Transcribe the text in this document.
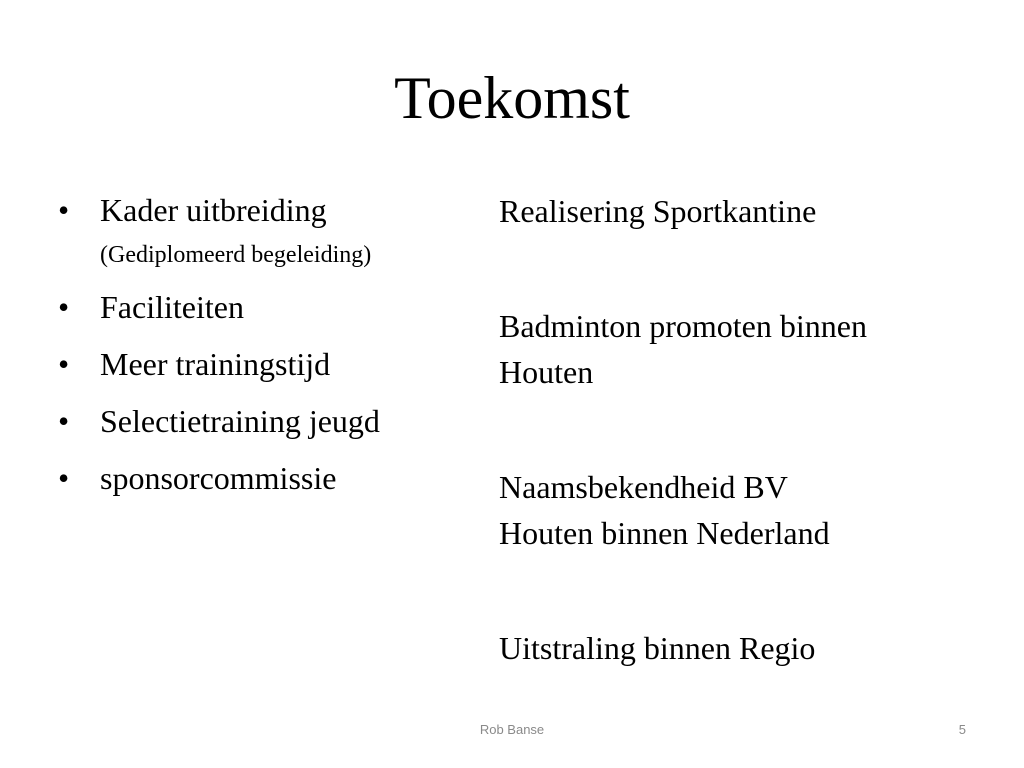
Toekomst
• Kader uitbreiding
(Gediplomeerd begeleiding)
• Faciliteiten
• Meer trainingstijd
• Selectietraining jeugd
• sponsorcommissie

Realisering Sportkantine

Badminton promoten binnen
Houten

Naamsbekendheid BV
Houten binnen Nederland

Uitstraling binnen Regio

Rob Banse	5
